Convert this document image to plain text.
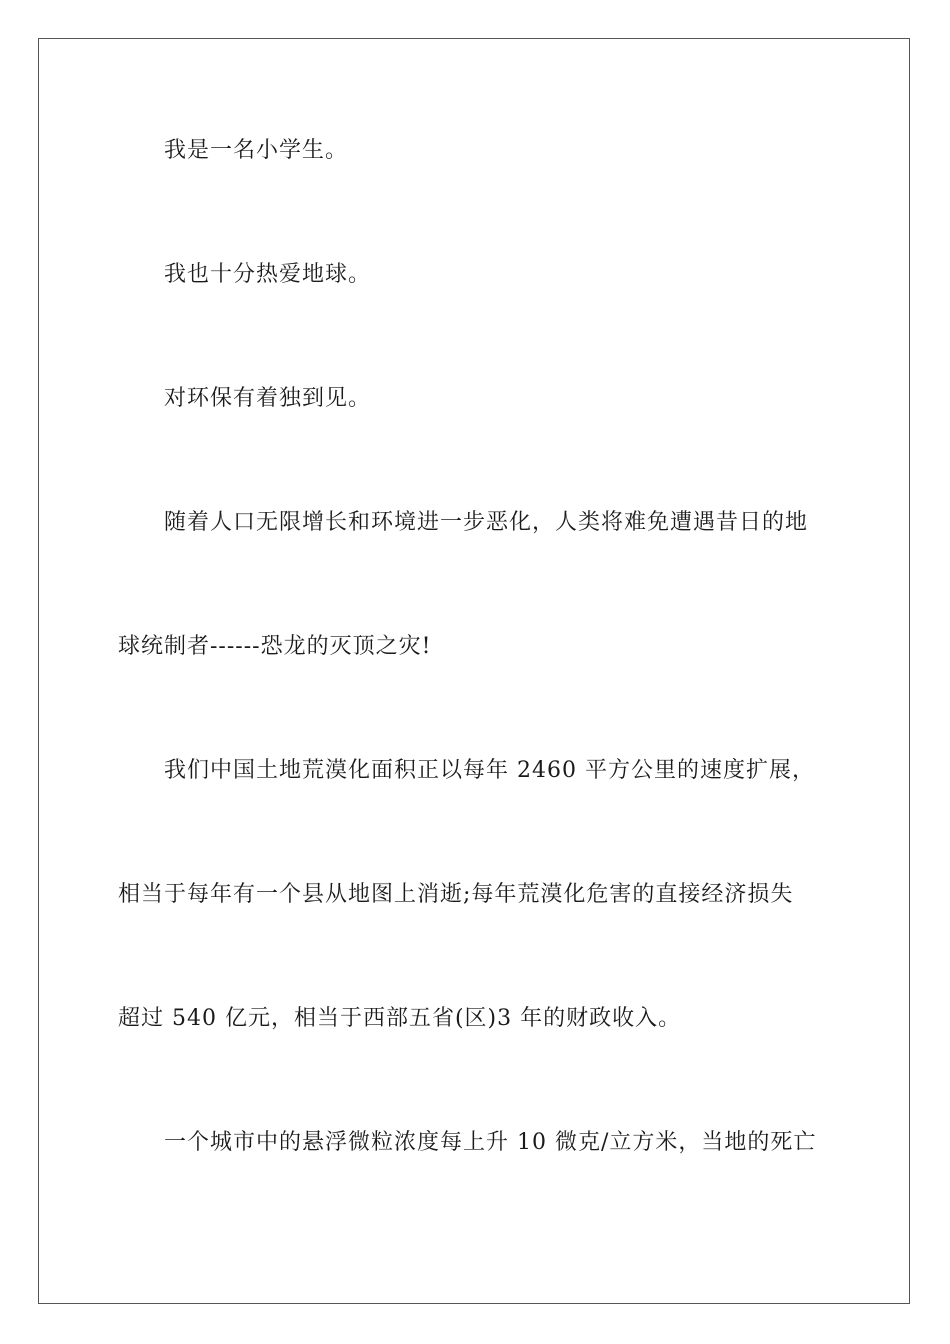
我是一名小学生。
我也十分热爱地球。
对环保有着独到见。
随着人口无限增长和环境进一步恶化，人类将难免遭遇昔日的地
球统制者------恐龙的灭顶之灾!
我们中国土地荒漠化面积正以每年 2460 平方公里的速度扩展，
相当于每年有一个县从地图上消逝;每年荒漠化危害的直接经济损失
超过 540 亿元，相当于西部五省(区)3 年的财政收入。
一个城市中的悬浮微粒浓度每上升 10 微克/立方米，当地的死亡
